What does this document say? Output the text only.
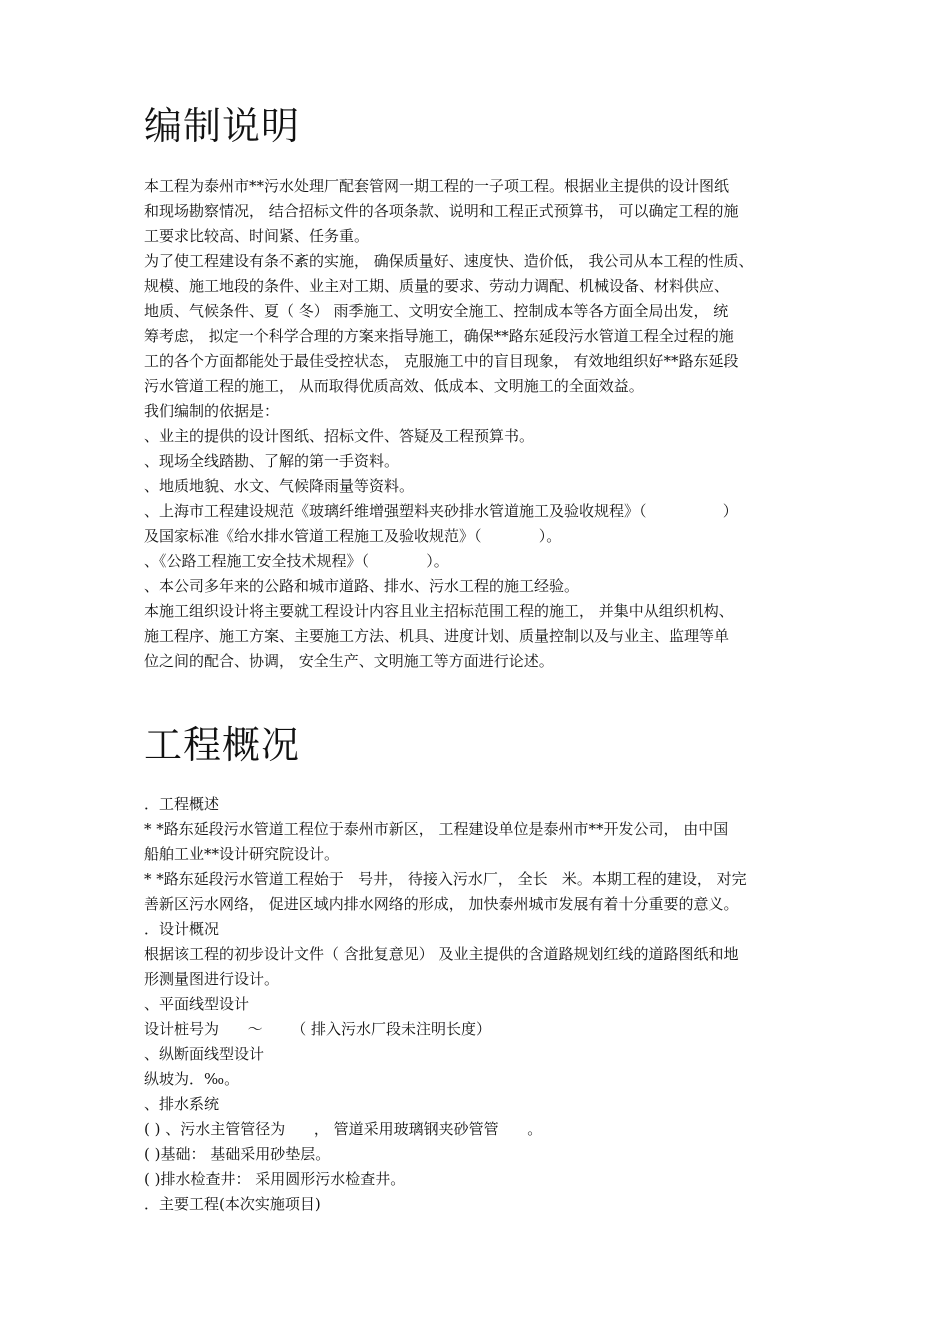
编制说明

本工程为泰州市**污水处理厂配套管网一期工程的一子项工程。根据业主提供的设计图纸

和现场勘察情况， 结合招标文件的各项条款、说明和工程正式预算书， 可以确定工程的施

工要求比较高、时间紧、任务重。

为了使工程建设有条不紊的实施， 确保质量好、速度快、造价低， 我公司从本工程的性质、

规模、施工地段的条件、业主对工期、质量的要求、劳动力调配、机械设备、材料供应、

地质、气候条件、夏（ 冬） 雨季施工、文明安全施工、控制成本等各方面全局出发， 统

筹考虑， 拟定一个科学合理的方案来指导施工，确保**路东延段污水管道工程全过程的施

工的各个方面都能处于最佳受控状态， 克服施工中的盲目现象， 有效地组织好**路东延段

污水管道工程的施工， 从而取得优质高效、低成本、文明施工的全面效益。

我们编制的依据是：

、业主的提供的设计图纸、招标文件、答疑及工程预算书。

、现场全线踏勘、了解的第一手资料。

、地质地貌、水文、气候降雨量等资料。

、上海市工程建设规范《玻璃纤维增强塑料夹砂排水管道施工及验收规程》（                ）

及国家标准《给水排水管道工程施工及验收规范》（            ）。

、《公路工程施工安全技术规程》（            ）。

、本公司多年来的公路和城市道路、排水、污水工程的施工经验。

本施工组织设计将主要就工程设计内容且业主招标范围工程的施工， 并集中从组织机构、

施工程序、施工方案、主要施工方法、机具、进度计划、质量控制以及与业主、监理等单

位之间的配合、协调， 安全生产、文明施工等方面进行论述。

工程概况

．工程概述

* *路东延段污水管道工程位于泰州市新区， 工程建设单位是泰州市**开发公司， 由中国

船舶工业**设计研究院设计。

* *路东延段污水管道工程始于   号井， 待接入污水厂， 全长   米。本期工程的建设， 对完

善新区污水网络， 促进区域内排水网络的形成， 加快泰州城市发展有着十分重要的意义。

．设计概况

根据该工程的初步设计文件（ 含批复意见） 及业主提供的含道路规划红线的道路图纸和地

形测量图进行设计。

、平面线型设计

设计桩号为      ～      （ 排入污水厂段未注明长度）

、纵断面线型设计

纵坡为．‰。

、排水系统

( ) 、污水主管管径为      ， 管道采用玻璃钢夹砂管管      。

( )基础： 基础采用砂垫层。

( )排水检查井： 采用圆形污水检查井。

．主要工程(本次实施项目)
